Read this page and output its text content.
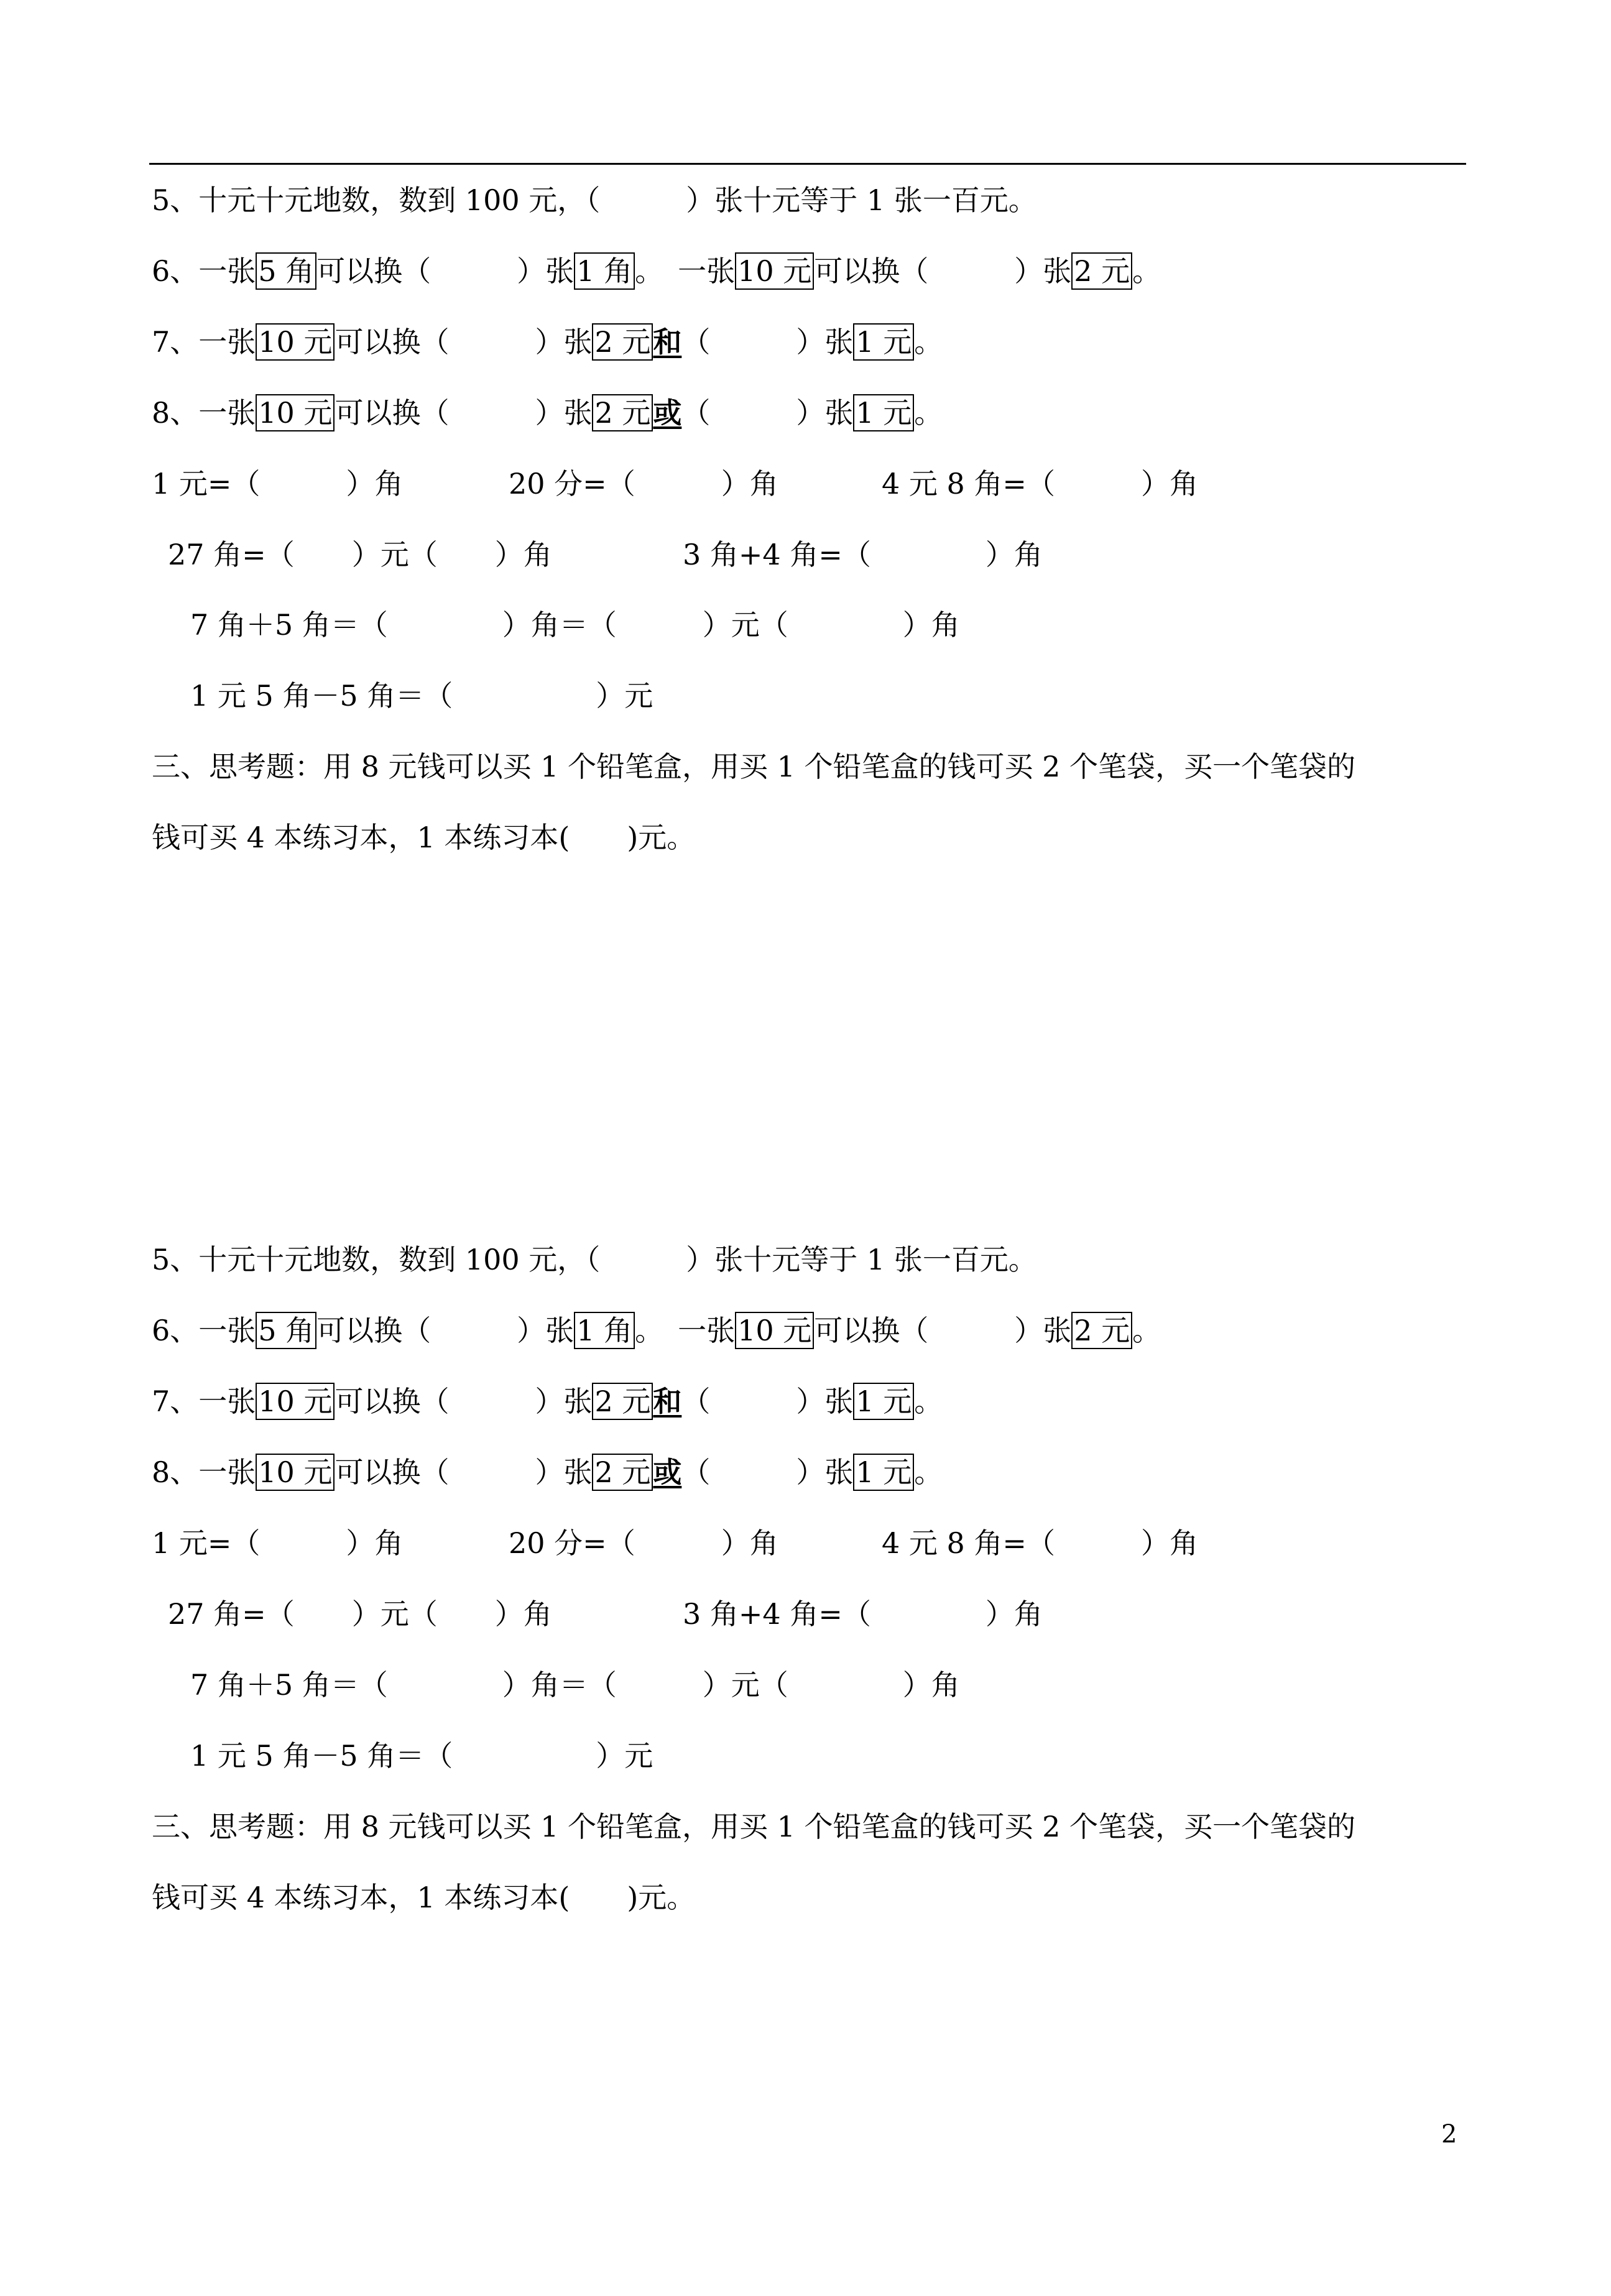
5、十元十元地数，数到 100 元，（　　　）张十元等于 1 张一百元。
6、一张5 角可以换（　　　）张1 角。　一张10 元可以换（　　　）张2 元。
7、一张10 元可以换（　　　）张2 元和（　　　）张1 元。
8、一张10 元可以换（　　　）张2 元或（　　　）张1 元。
1 元=（　　　）角	20 分=（　　　）角	4 元 8 角=（　　　）角
27 角=（　　）元（　　）角	3 角+4 角=（　　　　）角
7 角＋5 角＝（　　　　）角＝（　　　）元（　　　　）角
1 元 5 角－5 角＝（　　　　　）元
三、思考题：用 8 元钱可以买 1 个铅笔盒，用买 1 个铅笔盒的钱可买 2 个笔袋，买一个笔袋的
钱可买 4 本练习本，1 本练习本(　　)元。
5、十元十元地数，数到 100 元，（　　　）张十元等于 1 张一百元。
6、一张5 角可以换（　　　）张1 角。　一张10 元可以换（　　　）张2 元。
7、一张10 元可以换（　　　）张2 元和（　　　）张1 元。
8、一张10 元可以换（　　　）张2 元或（　　　）张1 元。
1 元=（　　　）角	20 分=（　　　）角	4 元 8 角=（　　　）角
27 角=（　　）元（　　）角	3 角+4 角=（　　　　）角
7 角＋5 角＝（　　　　）角＝（　　　）元（　　　　）角
1 元 5 角－5 角＝（　　　　　）元
三、思考题：用 8 元钱可以买 1 个铅笔盒，用买 1 个铅笔盒的钱可买 2 个笔袋，买一个笔袋的
钱可买 4 本练习本，1 本练习本(　　)元。
2
